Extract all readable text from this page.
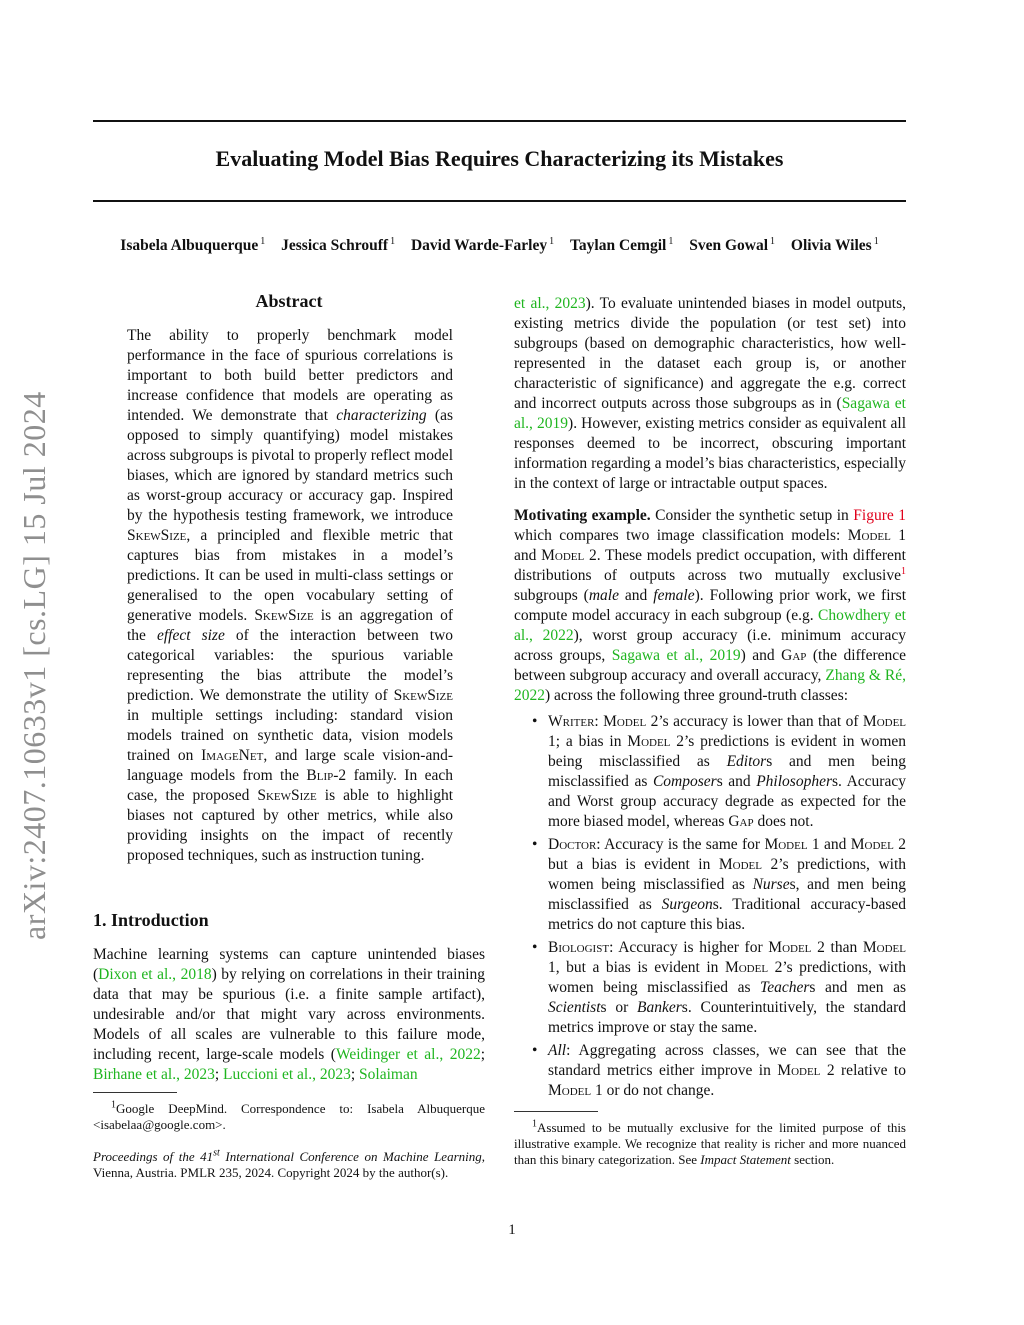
Evaluating Model Bias Requires Characterizing its Mistakes
Isabela Albuquerque $^1$ Jessica Schrouff $^1$ David Warde-Farley $^1$ Taylan Cemgil $^1$ Sven Gowal $^1$ Olivia Wiles $^1$
arXiv:2407.10633v1 [cs.LG] 15 Jul 2024
Abstract

The ability to properly benchmark model performance in the face of spurious correlations is important to both build better predictors and increase confidence that models are operating as intended. We demonstrate that characterizing (as opposed to simply quantifying) model mistakes across subgroups is pivotal to properly reflect model biases, which are ignored by standard metrics such as worst-group accuracy or accuracy gap. Inspired by the hypothesis testing framework, we introduce SkewSize, a principled and flexible metric that captures bias from mistakes in a model’s predictions. It can be used in multi-class settings or generalised to the open vocabulary setting of generative models. SkewSize is an aggregation of the effect size of the interaction between two categorical variables: the spurious variable representing the bias attribute the model’s prediction. We demonstrate the utility of SkewSize in multiple settings including: standard vision models trained on synthetic data, vision models trained on ImageNet, and large scale vision-and-language models from the Blip-2 family. In each case, the proposed SkewSize is able to highlight biases not captured by other metrics, while also providing insights on the impact of recently proposed techniques, such as instruction tuning.

1. Introduction

Machine learning systems can capture unintended biases (Dixon et al., 2018) by relying on correlations in their training data that may be spurious (i.e. a finite sample artifact), undesirable and/or that might vary across environments. Models of all scales are vulnerable to this failure mode, including recent, large-scale models (Weidinger et al., 2022; Birhane et al., 2023; Luccioni et al., 2023; Solaiman

$^1$Google DeepMind. Correspondence to: Isabela Albuquerque <isabelaa@google.com>.

Proceedings of the 41st International Conference on Machine Learning, Vienna, Austria. PMLR 235, 2024. Copyright 2024 by the author(s).

et al., 2023). To evaluate unintended biases in model outputs, existing metrics divide the population (or test set) into subgroups (based on demographic characteristics, how well-represented in the dataset each group is, or another characteristic of significance) and aggregate the e.g. correct and incorrect outputs across those subgroups as in (Sagawa et al., 2019). However, existing metrics consider as equivalent all responses deemed to be incorrect, obscuring important information regarding a model’s bias characteristics, especially in the context of large or intractable output spaces.

Motivating example. Consider the synthetic setup in Figure 1 which compares two image classification models: Model 1 and Model 2. These models predict occupation, with different distributions of outputs across two mutually exclusive$^1$ subgroups (male and female). Following prior work, we first compute model accuracy in each subgroup (e.g. Chowdhery et al., 2022), worst group accuracy (i.e. minimum accuracy across groups, Sagawa et al., 2019) and Gap (the difference between subgroup accuracy and overall accuracy, Zhang & Ré, 2022) across the following three ground-truth classes:

• Writer: Model 2’s accuracy is lower than that of Model 1; a bias in Model 2’s predictions is evident in women being misclassified as Editors and men being misclassified as Composers and Philosophers. Accuracy and Worst group accuracy degrade as expected for the more biased model, whereas Gap does not.
• Doctor: Accuracy is the same for Model 1 and Model 2 but a bias is evident in Model 2’s predictions, with women being misclassified as Nurses, and men being misclassified as Surgeons. Traditional accuracy-based metrics do not capture this bias.
• Biologist: Accuracy is higher for Model 2 than Model 1, but a bias is evident in Model 2’s predictions, with women being misclassified as Teachers and men as Scientists or Bankers. Counterintuitively, the standard metrics improve or stay the same.
• All: Aggregating across classes, we can see that the standard metrics either improve in Model 2 relative to Model 1 or do not change.

$^1$Assumed to be mutually exclusive for the limited purpose of this illustrative example. We recognize that reality is richer and more nuanced than this binary categorization. See Impact Statement section.

1
